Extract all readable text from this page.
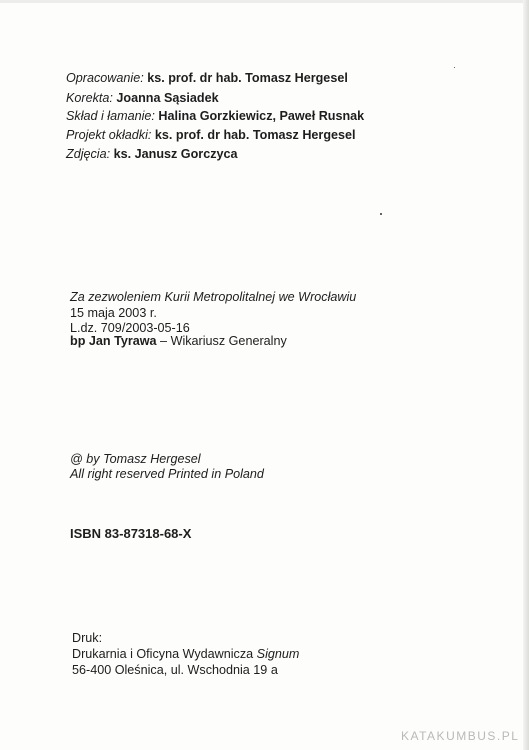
Opracowanie: ks. prof. dr hab. Tomasz Hergesel
Korekta: Joanna Sąsiadek
Skład i łamanie: Halina Gorzkiewicz, Paweł Rusnak
Projekt okładki: ks. prof. dr hab. Tomasz Hergesel
Zdjęcia: ks. Janusz Gorczyca
Za zezwoleniem Kurii Metropolitalnej we Wrocławiu
15 maja 2003 r.
L.dz. 709/2003-05-16
bp Jan Tyrawa – Wikariusz Generalny
@ by Tomasz Hergesel
All right reserved Printed in Poland
ISBN 83-87318-68-X
Druk:
Drukarnia i Oficyna Wydawnicza Signum
56-400 Oleśnica, ul. Wschodnia 19 a
KATAKUMBUS.PL
